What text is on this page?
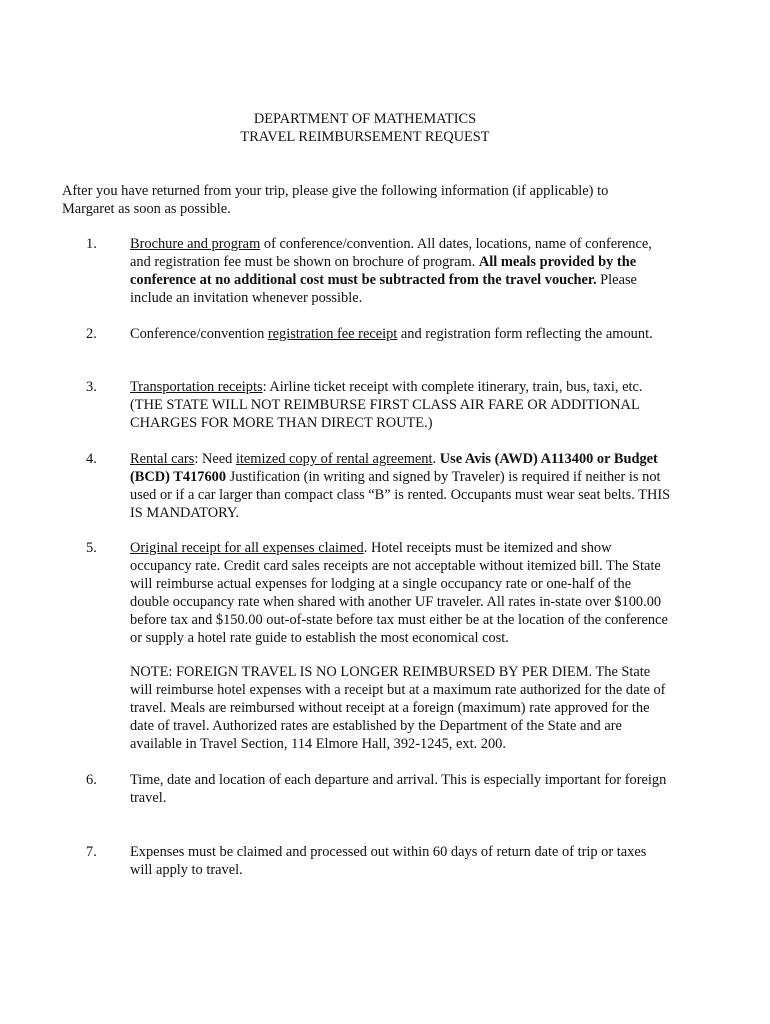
DEPARTMENT OF MATHEMATICS
TRAVEL REIMBURSEMENT REQUEST
After you have returned from your trip, please give the following information (if applicable) to Margaret as soon as possible.
1. Brochure and program of conference/convention. All dates, locations, name of conference, and registration fee must be shown on brochure of program. All meals provided by the conference at no additional cost must be subtracted from the travel voucher. Please include an invitation whenever possible.
2. Conference/convention registration fee receipt and registration form reflecting the amount.
3. Transportation receipts: Airline ticket receipt with complete itinerary, train, bus, taxi, etc. (THE STATE WILL NOT REIMBURSE FIRST CLASS AIR FARE OR ADDITIONAL CHARGES FOR MORE THAN DIRECT ROUTE.)
4. Rental cars: Need itemized copy of rental agreement. Use Avis (AWD) A113400 or Budget (BCD) T417600 Justification (in writing and signed by Traveler) is required if neither is not used or if a car larger than compact class “B” is rented. Occupants must wear seat belts. THIS IS MANDATORY.
5. Original receipt for all expenses claimed. Hotel receipts must be itemized and show occupancy rate. Credit card sales receipts are not acceptable without itemized bill. The State will reimburse actual expenses for lodging at a single occupancy rate or one-half of the double occupancy rate when shared with another UF traveler. All rates in-state over $100.00 before tax and $150.00 out-of-state before tax must either be at the location of the conference or supply a hotel rate guide to establish the most economical cost.
NOTE: FOREIGN TRAVEL IS NO LONGER REIMBURSED BY PER DIEM. The State will reimburse hotel expenses with a receipt but at a maximum rate authorized for the date of travel. Meals are reimbursed without receipt at a foreign (maximum) rate approved for the date of travel. Authorized rates are established by the Department of the State and are available in Travel Section, 114 Elmore Hall, 392-1245, ext. 200.
6. Time, date and location of each departure and arrival. This is especially important for foreign travel.
7. Expenses must be claimed and processed out within 60 days of return date of trip or taxes will apply to travel.
